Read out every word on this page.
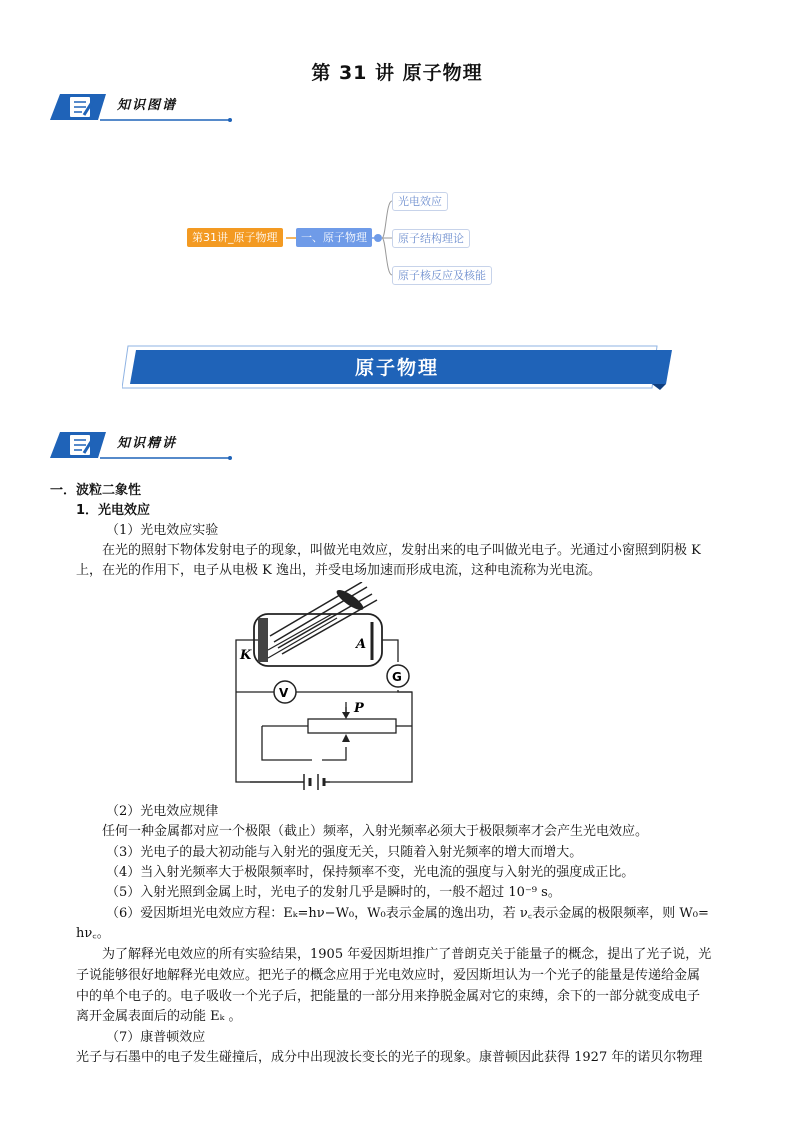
第 31 讲 原子物理
知识图谱
第31讲_原子物理	一、原子物理
光电效应
原子结构理论
原子核反应及核能
原子物理
知识精讲
一．波粒二象性
1．光电效应
（1）光电效应实验
在光的照射下物体发射电子的现象，叫做光电效应，发射出来的电子叫做光电子。光通过小窗照到阴极 K
上，在光的作用下，电子从电极 K 逸出，并受电场加速而形成电流，这种电流称为光电流。
K
A
G
V
P
（2）光电效应规律
任何一种金属都对应一个极限（截止）频率，入射光频率必须大于极限频率才会产生光电效应。
（3）光电子的最大初动能与入射光的强度无关，只随着入射光频率的增大而增大。
（4）当入射光频率大于极限频率时，保持频率不变，光电流的强度与入射光的强度成正比。
（5）入射光照到金属上时，光电子的发射几乎是瞬时的，一般不超过 10⁻⁹ s。
（6）爱因斯坦光电效应方程：Eₖ=hν−W₀，W₀表示金属的逸出功，若 ν꜀表示金属的极限频率，则 W₀=
hν꜀。
为了解释光电效应的所有实验结果，1905 年爱因斯坦推广了普朗克关于能量子的概念，提出了光子说，光
子说能够很好地解释光电效应。把光子的概念应用于光电效应时，爱因斯坦认为一个光子的能量是传递给金属
中的单个电子的。电子吸收一个光子后，把能量的一部分用来挣脱金属对它的束缚，余下的一部分就变成电子
离开金属表面后的动能 Eₖ 。
（7）康普顿效应
光子与石墨中的电子发生碰撞后，成分中出现波长变长的光子的现象。康普顿因此获得 1927 年的诺贝尔物理
